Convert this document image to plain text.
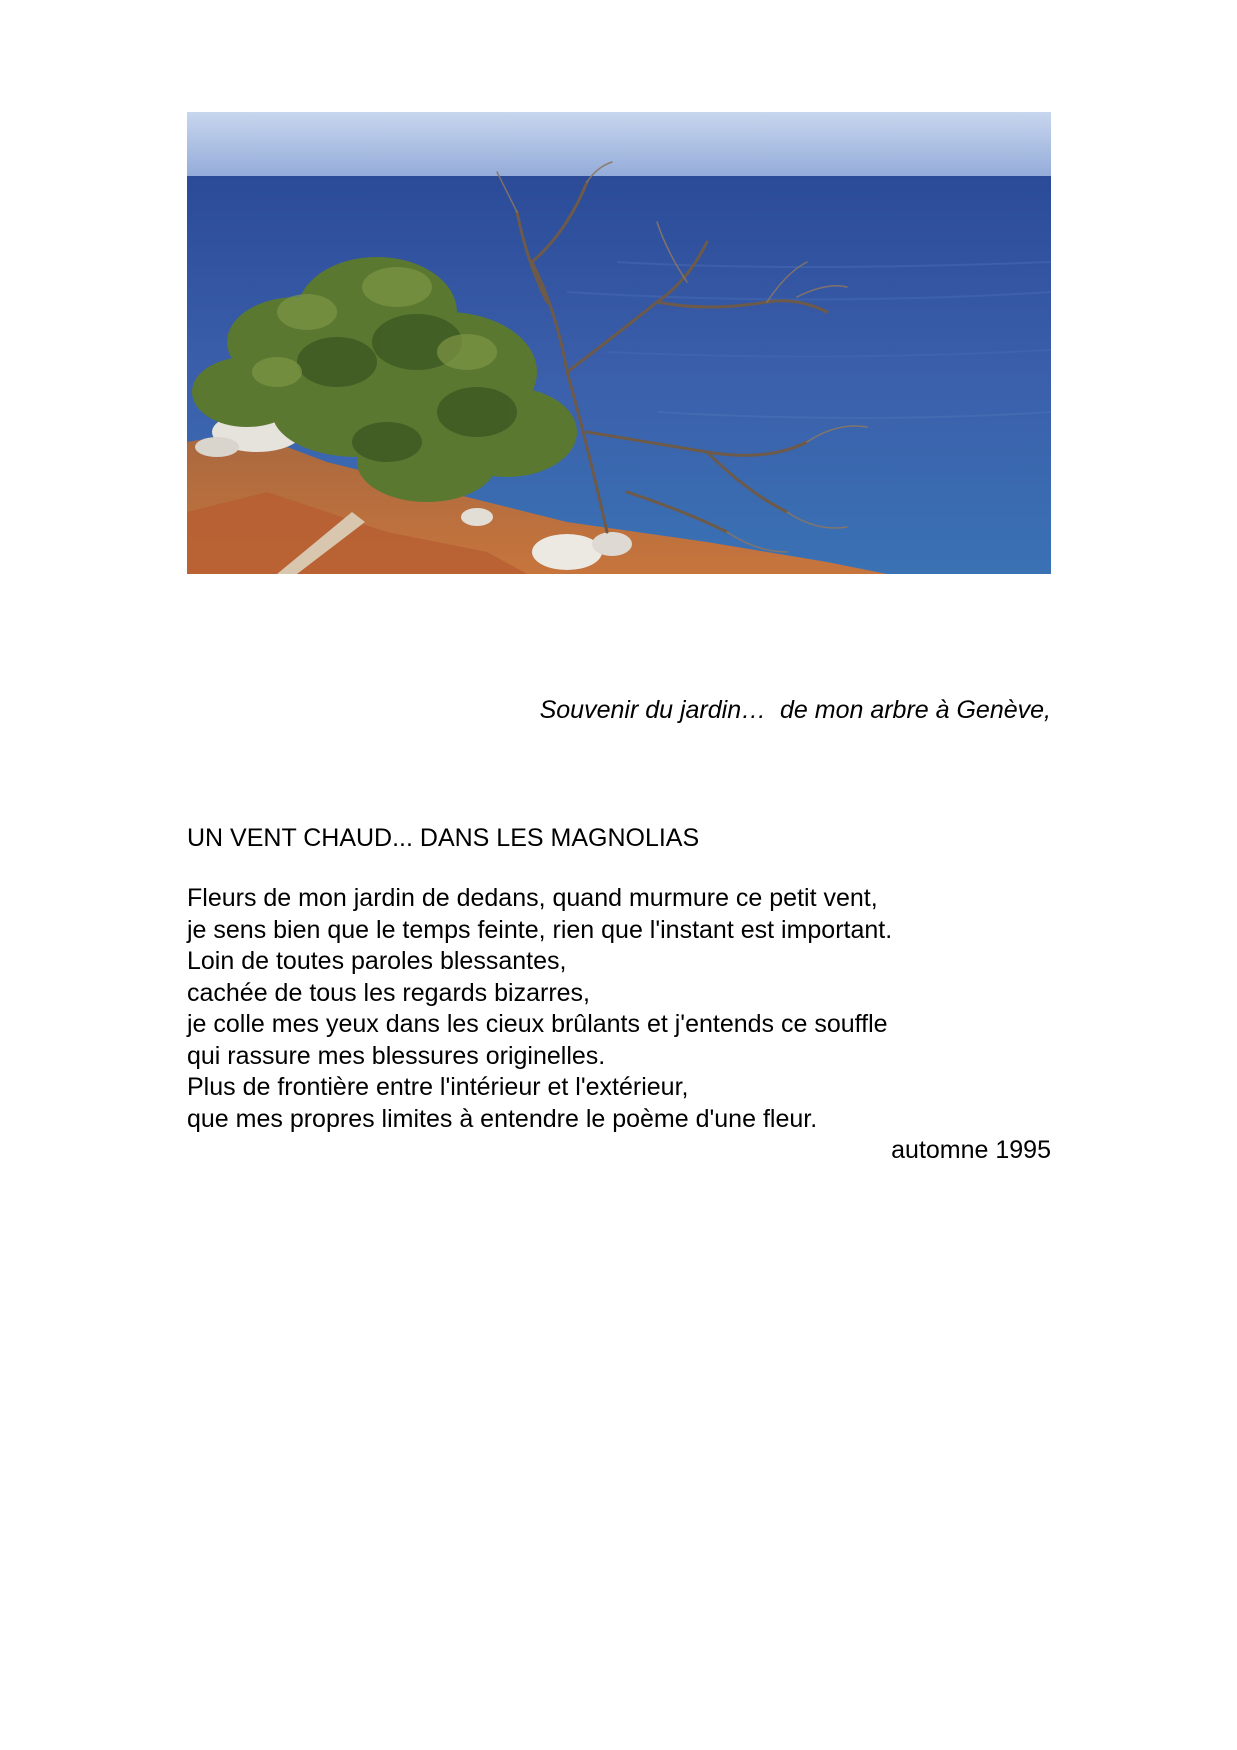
Souvenir du jardin…  de mon arbre à Genève,
UN VENT CHAUD... DANS LES MAGNOLIAS
Fleurs de mon jardin de dedans, quand murmure ce petit vent,
je sens bien que le temps feinte, rien que l'instant est important.
Loin de toutes paroles blessantes,
cachée de tous les regards bizarres,
je colle mes yeux dans les cieux brûlants et j'entends ce souffle
qui rassure mes blessures originelles.
Plus de frontière entre l'intérieur et l'extérieur,
que mes propres limites à entendre le poème d'une fleur.
automne 1995
